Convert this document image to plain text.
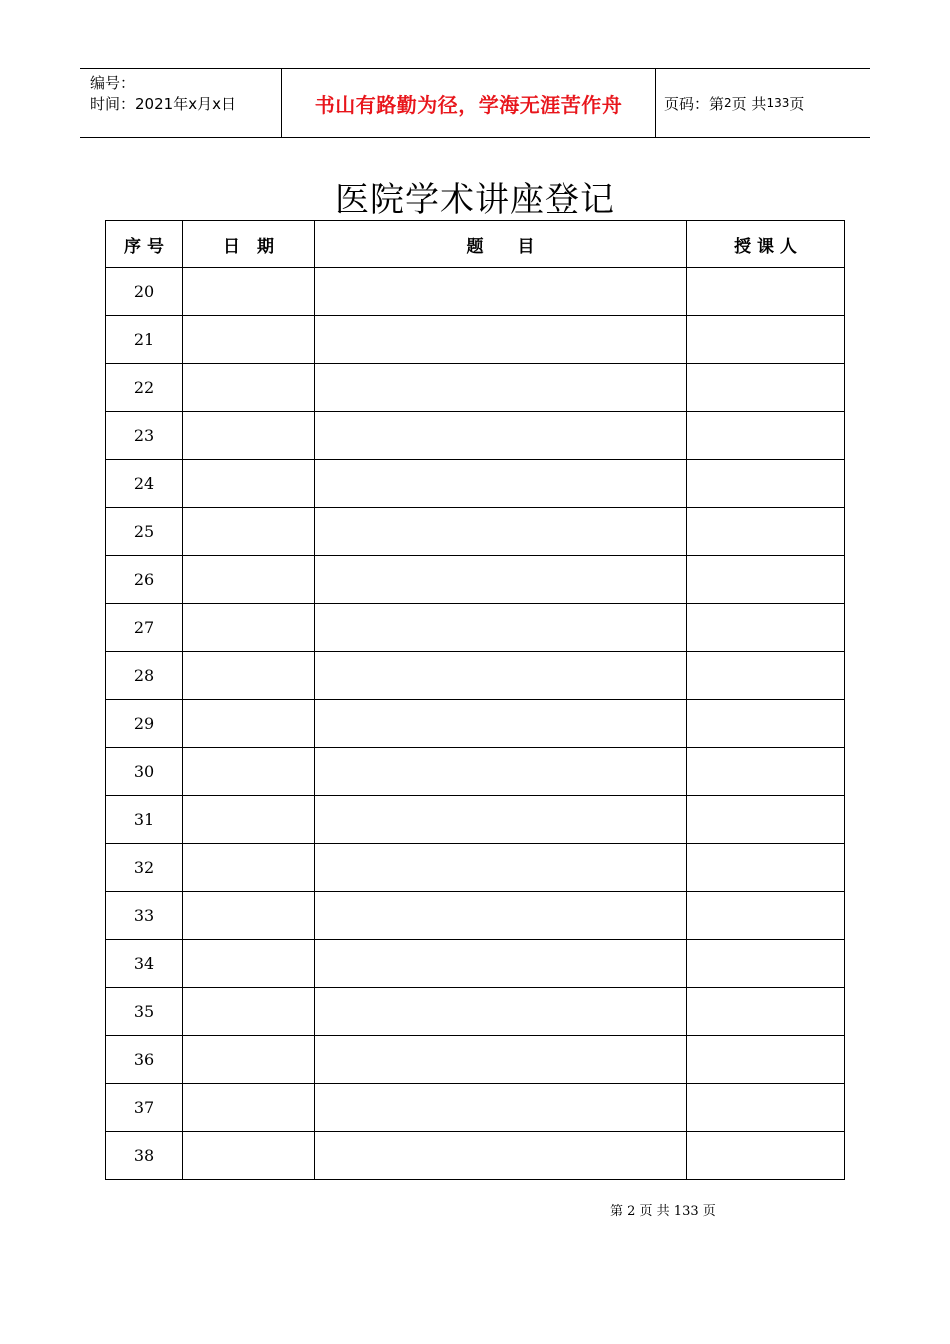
编号：
时间：2021年x月x日	书山有路勤为径，学海无涯苦作舟	页码：第 2 页 共 133 页
医院学术讲座登记
序 号	日　期	题　　目	授 课 人
20			
21			
22			
23			
24			
25			
26			
27			
28			
29			
30			
31			
32			
33			
34			
35			
36			
37			
38			
第 2 页 共 133 页
